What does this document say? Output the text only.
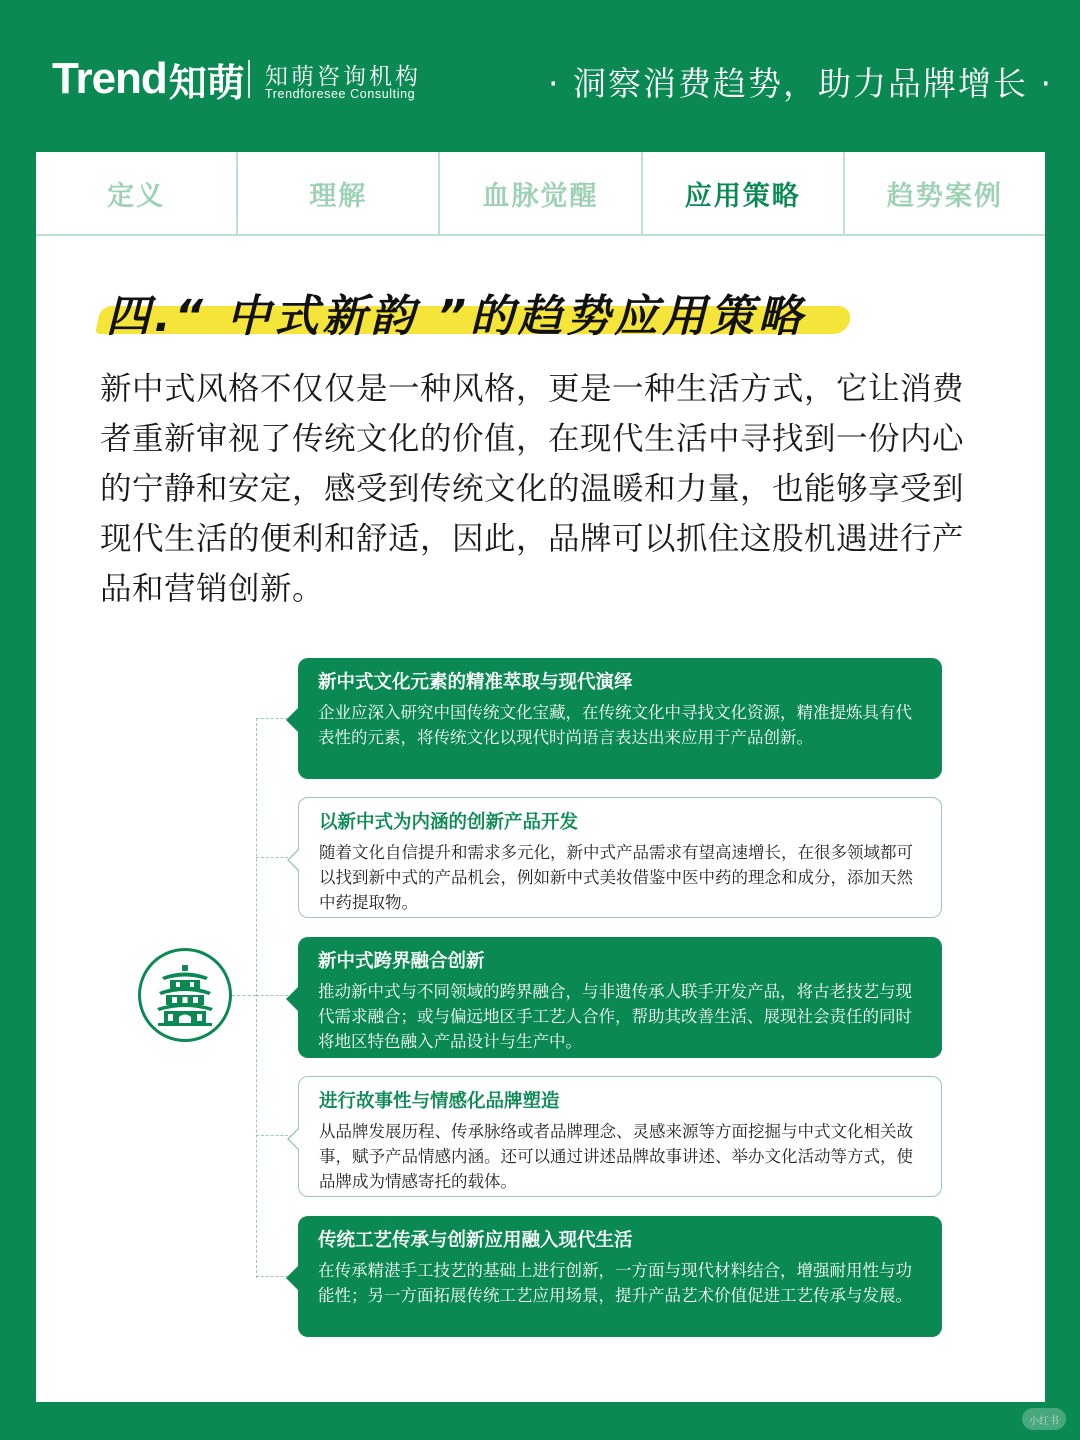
Trend 知萌 知萌咨询机构
Trendforesee Consulting	· 洞察消费趋势，助力品牌增长 ·
定义	理解	血脉觉醒	应用策略	趋势案例
四.“ 中式新韵 ”的趋势应用策略
新中式风格不仅仅是一种风格，更是一种生活方式，它让消费者重新审视了传统文化的价值，在现代生活中寻找到一份内心的宁静和安定，感受到传统文化的温暖和力量，也能够享受到现代生活的便利和舒适，因此，品牌可以抓住这股机遇进行产品和营销创新。
新中式文化元素的精准萃取与现代演绎
企业应深入研究中国传统文化宝藏，在传统文化中寻找文化资源，精准提炼具有代表性的元素，将传统文化以现代时尚语言表达出来应用于产品创新。
以新中式为内涵的创新产品开发
随着文化自信提升和需求多元化，新中式产品需求有望高速增长，在很多领域都可以找到新中式的产品机会，例如新中式美妆借鉴中医中药的理念和成分，添加天然中药提取物。
新中式跨界融合创新
推动新中式与不同领域的跨界融合，与非遗传承人联手开发产品，将古老技艺与现代需求融合；或与偏远地区手工艺人合作，帮助其改善生活、展现社会责任的同时将地区特色融入产品设计与生产中。
进行故事性与情感化品牌塑造
从品牌发展历程、传承脉络或者品牌理念、灵感来源等方面挖掘与中式文化相关故事，赋予产品情感内涵。还可以通过讲述品牌故事讲述、举办文化活动等方式，使品牌成为情感寄托的载体。
传统工艺传承与创新应用融入现代生活
在传承精湛手工技艺的基础上进行创新，一方面与现代材料结合，增强耐用性与功能性；另一方面拓展传统工艺应用场景，提升产品艺术价值促进工艺传承与发展。
小红书
